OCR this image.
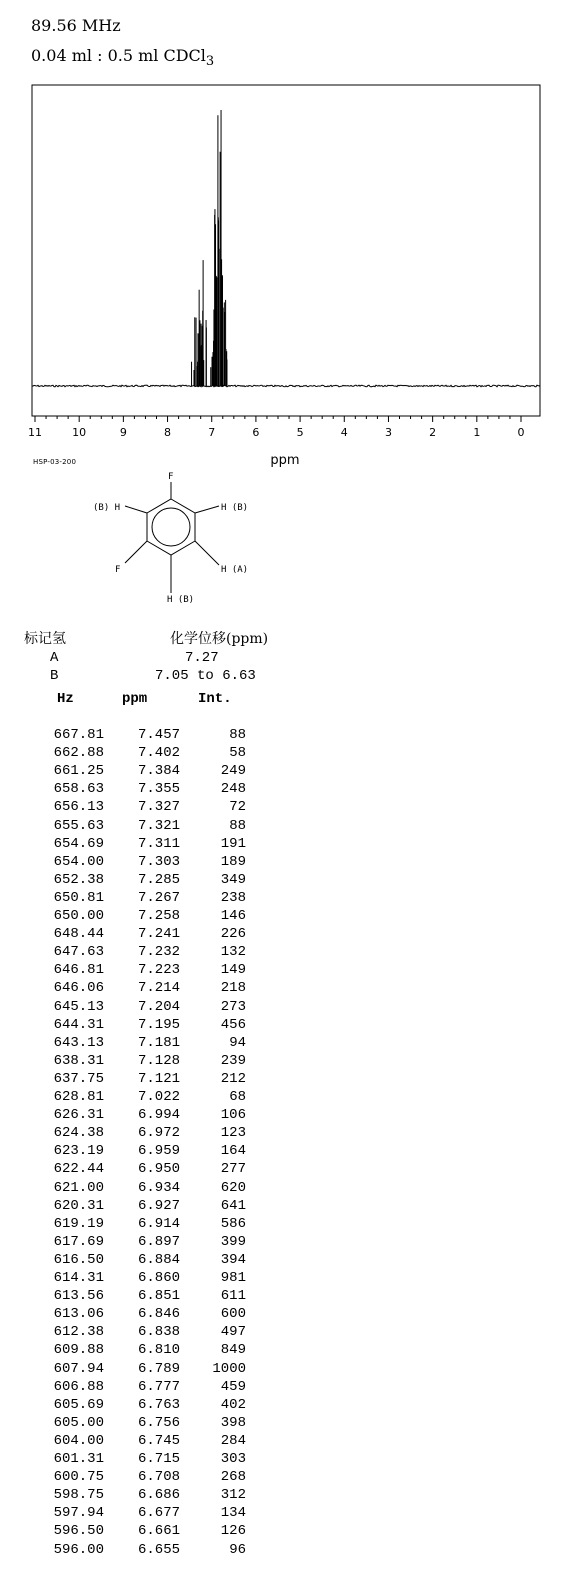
89.56 MHz
0.04 ml : 0.5 ml CDCl$_3$
11	10	9	8	7	6	5	4	3	2	1	0
ppm
HSP-03-200
F
(B) H	H (B)
F	H (A)
H (B)
标记氢	化学位移(ppm)
A	7.27
B	7.05 to 6.63
Hz	ppm	Int.
667.81	7.457	88
662.88	7.402	58
661.25	7.384	249
658.63	7.355	248
656.13	7.327	72
655.63	7.321	88
654.69	7.311	191
654.00	7.303	189
652.38	7.285	349
650.81	7.267	238
650.00	7.258	146
648.44	7.241	226
647.63	7.232	132
646.81	7.223	149
646.06	7.214	218
645.13	7.204	273
644.31	7.195	456
643.13	7.181	94
638.31	7.128	239
637.75	7.121	212
628.81	7.022	68
626.31	6.994	106
624.38	6.972	123
623.19	6.959	164
622.44	6.950	277
621.00	6.934	620
620.31	6.927	641
619.19	6.914	586
617.69	6.897	399
616.50	6.884	394
614.31	6.860	981
613.56	6.851	611
613.06	6.846	600
612.38	6.838	497
609.88	6.810	849
607.94	6.789	1000
606.88	6.777	459
605.69	6.763	402
605.00	6.756	398
604.00	6.745	284
601.31	6.715	303
600.75	6.708	268
598.75	6.686	312
597.94	6.677	134
596.50	6.661	126
596.00	6.655	96
